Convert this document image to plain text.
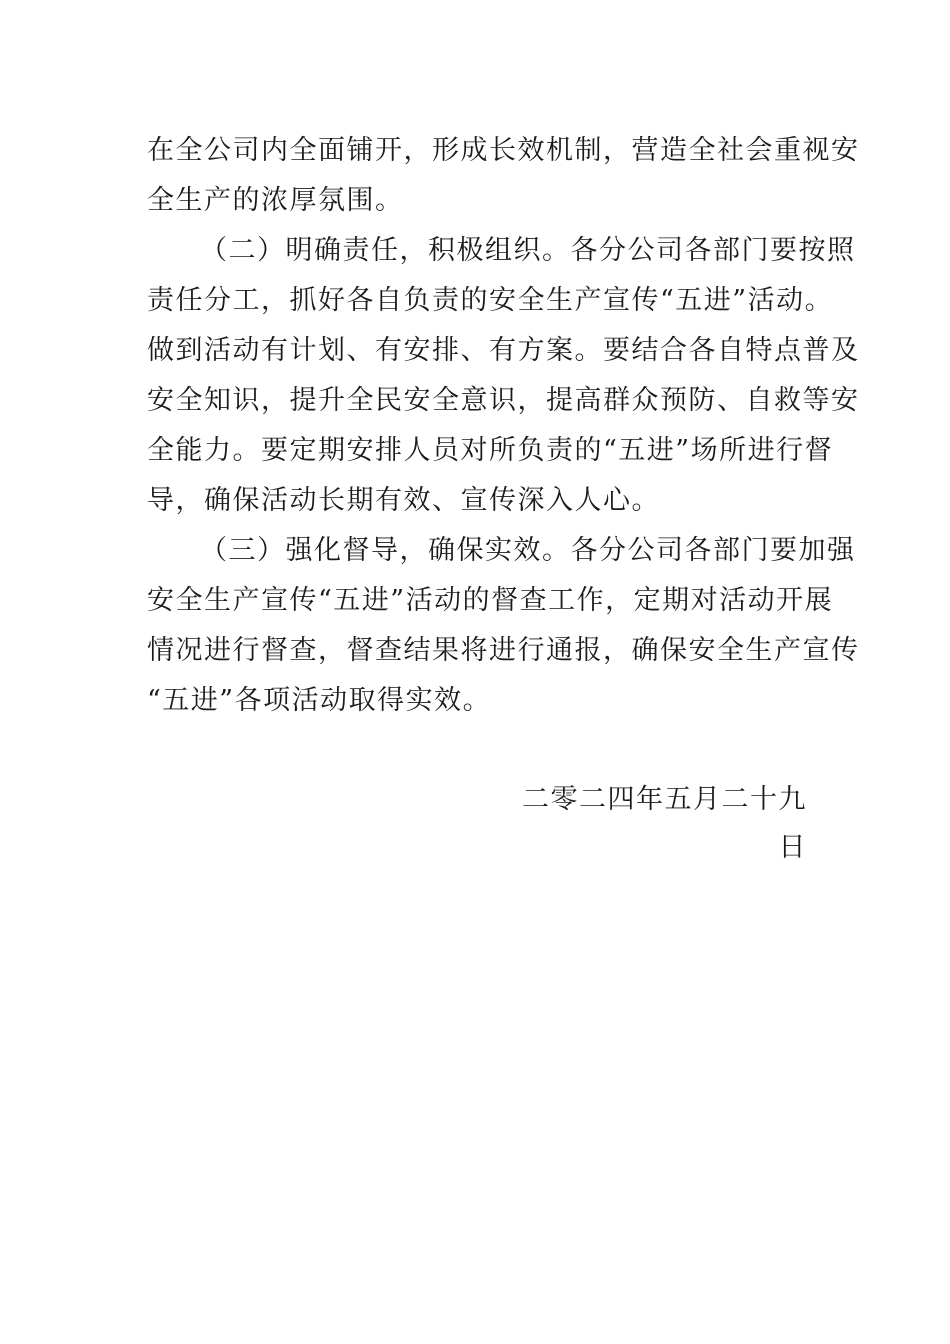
在全公司内全面铺开，形成长效机制，营造全社会重视安
全生产的浓厚氛围。
（二）明确责任，积极组织。各分公司各部门要按照
责任分工，抓好各自负责的安全生产宣传“五进”活动。
做到活动有计划、有安排、有方案。要结合各自特点普及
安全知识，提升全民安全意识，提高群众预防、自救等安
全能力。要定期安排人员对所负责的“五进”场所进行督
导，确保活动长期有效、宣传深入人心。
（三）强化督导，确保实效。各分公司各部门要加强
安全生产宣传“五进”活动的督查工作，定期对活动开展
情况进行督查，督查结果将进行通报，确保安全生产宣传
“五进”各项活动取得实效。
二零二四年五月二十九
日
